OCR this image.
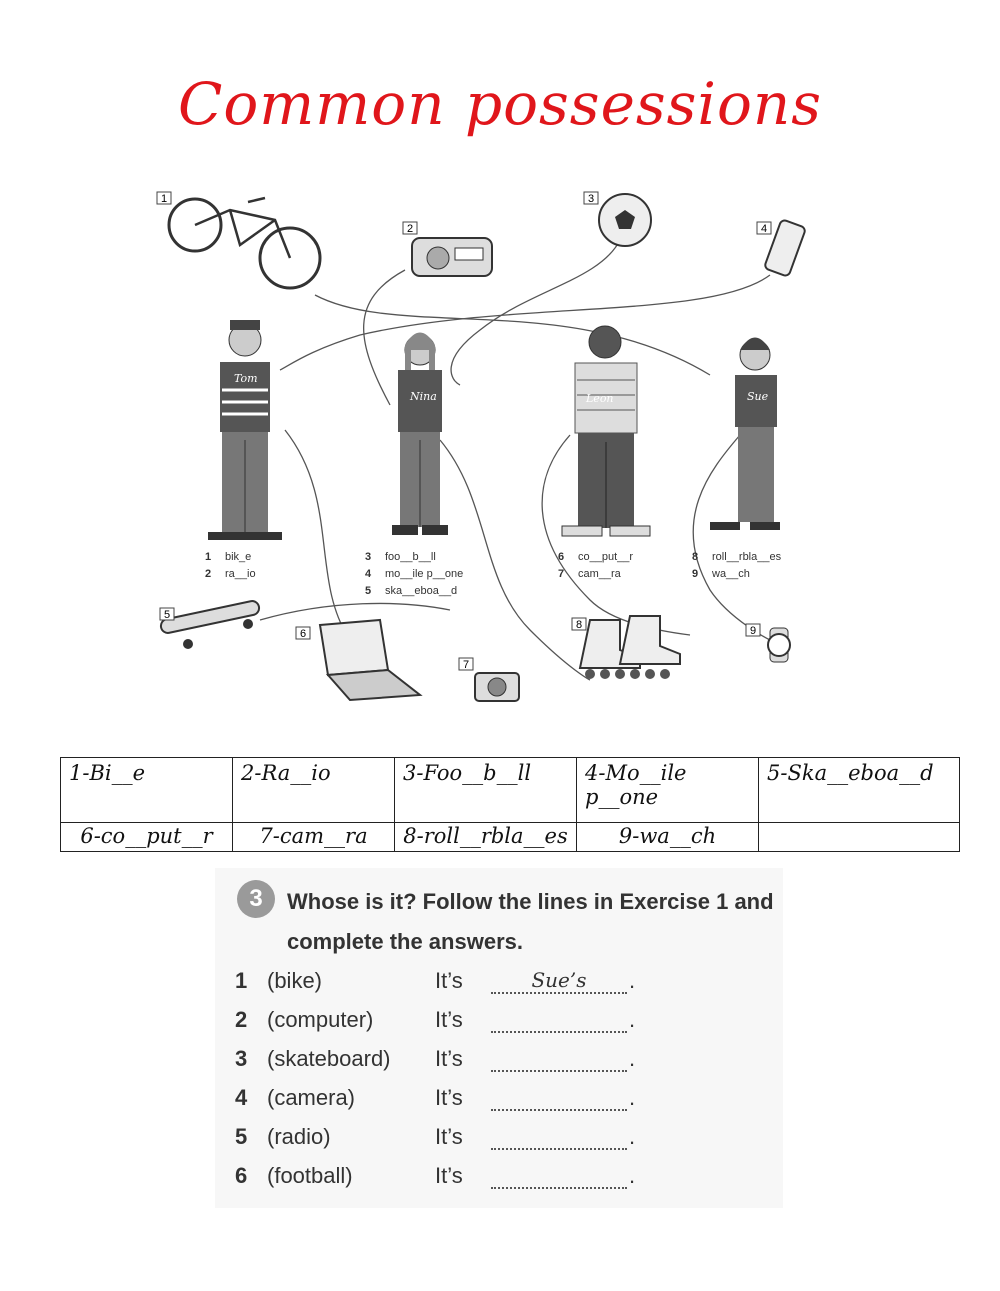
Common possessions
1
2
3
4
Tom
Nina	Leon	Sue
1 bik_e
2 ra__io
3 foo__b__ll
4 mo__ile p__one
5 ska__eboa__d
6 co__put__r
7 cam__ra
8 roll__rbla__es
9 wa__ch
5
6
7
8	9
1-Bi__e	2-Ra__io	3-Foo__b__ll	4-Mo__ile p__one	5-Ska__eboa__d
6-co__put__r	7-cam__ra	8-roll__rbla__es	9-wa__ch	
3	Whose is it? Follow the lines in Exercise 1 and complete the answers.
1 (bike)	It’s	Sue’s	.
2 (computer)	It’s	.
3 (skateboard) It’s	.
4 (camera)	It’s	.
5 (radio)	It’s	.
6 (football)	It’s	.
